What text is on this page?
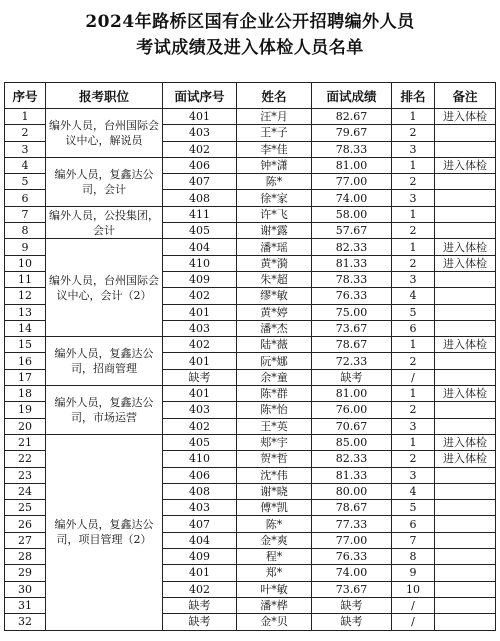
2024年路桥区国有企业公开招聘编外人员
考试成绩及进入体检人员名单
序号	报考职位	面试序号	姓名	面试成绩	排名	备注
1	编外人员，台州国际会议中心，解说员	401	汪*月	82.67	1	进入体检
2		403	王*子	79.67	2	
3		402	李*佳	78.33	3	
4	编外人员，复鑫达公司，会计	406	钟*潇	81.00	1	进入体检
5		407	陈*	77.00	2	
6		408	徐*家	74.00	3	
7	编外人员，公投集团，会计	411	许*飞	58.00	1	
8		405	谢*露	57.67	2	
9	编外人员，台州国际会议中心，会计（2）	404	潘*瑶	82.33	1	进入体检
10		410	黄*漪	81.33	2	进入体检
11		409	朱*超	78.33	3	
12		402	缪*敏	76.33	4	
13		401	黄*婷	75.00	5	
14		403	潘*杰	73.67	6	
15	编外人员，复鑫达公司，招商管理	402	陆*薇	78.67	1	进入体检
16		401	阮*娜	72.33	2	
17		缺考	余*童	缺考	/	
18	编外人员，复鑫达公司，市场运营	401	陈*群	81.00	1	进入体检
19		403	陈*怡	76.00	2	
20		402	王*英	70.67	3	
21	编外人员，复鑫达公司，项目管理（2）	405	郏*宇	85.00	1	进入体检
22		410	贺*哲	82.33	2	进入体检
23		406	沈*伟	81.33	3	
24		408	谢*晓	80.00	4	
25		403	傅*凯	78.67	5	
26		407	陈*	77.33	6	
27		404	金*爽	77.00	7	
28		409	程*	76.33	8	
29		401	郑*	74.00	9	
30		402	叶*敏	73.67	10	
31		缺考	潘*桦	缺考	/	
32		缺考	金*贝	缺考	/	
